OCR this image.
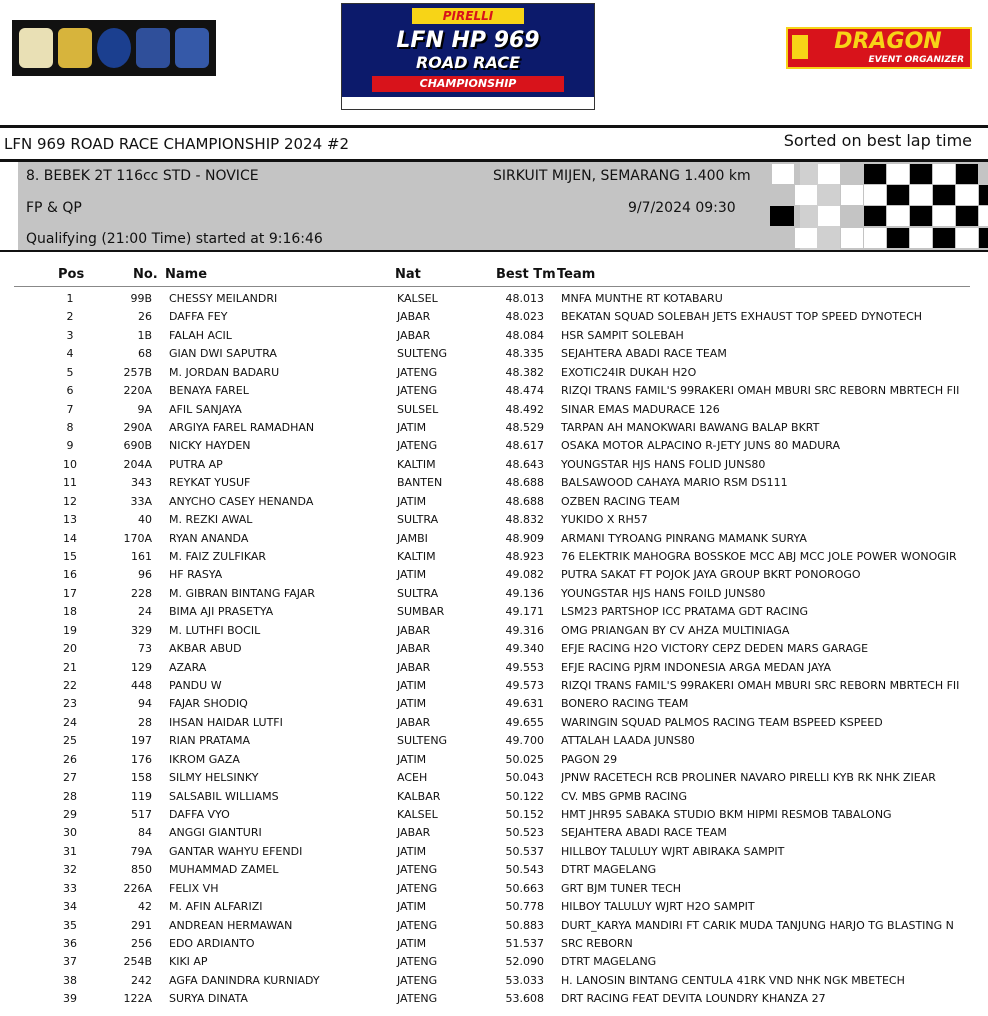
PIRELLI
LFN HP 969
ROAD RACE
CHAMPIONSHIP
DRAGON
EVENT ORGANIZER
LFN 969 ROAD RACE CHAMPIONSHIP 2024 #2	Sorted on best lap time
8. BEBEK 2T 116cc STD - NOVICE	SIRKUIT MIJEN, SEMARANG 1.400 km
FP & QP	9/7/2024 09:30
Qualifying (21:00 Time) started at 9:16:46
Pos	No. Name	Nat	Best Tm Team
1	99B CHESSY MEILANDRI	KALSEL	48.013 MNFA MUNTHE RT KOTABARU
2	26 DAFFA FEY	JABAR	48.023 BEKATAN SQUAD SOLEBAH JETS EXHAUST TOP SPEED DYNOTECH
3	1B FALAH ACIL	JABAR	48.084 HSR SAMPIT SOLEBAH
4	68 GIAN DWI SAPUTRA	SULTENG	48.335 SEJAHTERA ABADI RACE TEAM
5	257B M. JORDAN BADARU	JATENG	48.382 EXOTIC24IR DUKAH H2O
6	220A BENAYA FAREL	JATENG	48.474 RIZQI TRANS FAMIL'S 99RAKERI OMAH MBURI SRC REBORN MBRTECH FII
7	9A AFIL SANJAYA	SULSEL	48.492 SINAR EMAS MADURACE 126
8	290A ARGIYA FAREL RAMADHAN	JATIM	48.529 TARPAN AH MANOKWARI BAWANG BALAP BKRT
9	690B NICKY HAYDEN	JATENG	48.617 OSAKA MOTOR ALPACINO R-JETY JUNS 80 MADURA
10	204A PUTRA AP	KALTIM	48.643 YOUNGSTAR HJS HANS FOLID JUNS80
11	343 REYKAT YUSUF	BANTEN	48.688 BALSAWOOD CAHAYA MARIO RSM DS111
12	33A ANYCHO CASEY HENANDA	JATIM	48.688 OZBEN RACING TEAM
13	40 M. REZKI AWAL	SULTRA	48.832 YUKIDO X RH57
14	170A RYAN ANANDA	JAMBI	48.909 ARMANI TYROANG PINRANG MAMANK SURYA
15	161 M. FAIZ ZULFIKAR	KALTIM	48.923 76 ELEKTRIK MAHOGRA BOSSKOE MCC ABJ MCC JOLE POWER WONOGIR
16	96 HF RASYA	JATIM	49.082 PUTRA SAKAT FT POJOK JAYA GROUP BKRT PONOROGO
17	228 M. GIBRAN BINTANG FAJAR	SULTRA	49.136 YOUNGSTAR HJS HANS FOILD JUNS80
18	24 BIMA AJI PRASETYA	SUMBAR	49.171 LSM23 PARTSHOP ICC PRATAMA GDT RACING
19	329 M. LUTHFI BOCIL	JABAR	49.316 OMG PRIANGAN BY CV AHZA MULTINIAGA
20	73 AKBAR ABUD	JABAR	49.340 EFJE RACING H2O VICTORY CEPZ DEDEN MARS GARAGE
21	129 AZARA	JABAR	49.553 EFJE RACING PJRM INDONESIA ARGA MEDAN JAYA
22	448 PANDU W	JATIM	49.573 RIZQI TRANS FAMIL'S 99RAKERI OMAH MBURI SRC REBORN MBRTECH FII
23	94 FAJAR SHODIQ	JATIM	49.631 BONERO RACING TEAM
24	28 IHSAN HAIDAR LUTFI	JABAR	49.655 WARINGIN SQUAD PALMOS RACING TEAM BSPEED KSPEED
25	197 RIAN PRATAMA	SULTENG	49.700 ATTALAH LAADA JUNS80
26	176 IKROM GAZA	JATIM	50.025 PAGON 29
27	158 SILMY HELSINKY	ACEH	50.043 JPNW RACETECH RCB PROLINER NAVARO PIRELLI KYB RK NHK ZIEAR
28	119 SALSABIL WILLIAMS	KALBAR	50.122 CV. MBS GPMB RACING
29	517 DAFFA VYO	KALSEL	50.152 HMT JHR95 SABAKA STUDIO BKM HIPMI RESMOB TABALONG
30	84 ANGGI GIANTURI	JABAR	50.523 SEJAHTERA ABADI RACE TEAM
31	79A GANTAR WAHYU EFENDI	JATIM	50.537 HILLBOY TALULUY WJRT ABIRAKA SAMPIT
32	850 MUHAMMAD ZAMEL	JATENG	50.543 DTRT MAGELANG
33	226A FELIX VH	JATENG	50.663 GRT BJM TUNER TECH
34	42 M. AFIN ALFARIZI	JATIM	50.778 HILBOY TALULUY WJRT H2O SAMPIT
35	291 ANDREAN HERMAWAN	JATENG	50.883 DURT_KARYA MANDIRI FT CARIK MUDA TANJUNG HARJO TG BLASTING N
36	256 EDO ARDIANTO	JATIM	51.537 SRC REBORN
37	254B KIKI AP	JATENG	52.090 DTRT MAGELANG
38	242 AGFA DANINDRA KURNIADY	JATENG	53.033 H. LANOSIN BINTANG CENTULA 41RK VND NHK NGK MBETECH
39	122A SURYA DINATA	JATENG	53.608 DRT RACING FEAT DEVITA LOUNDRY KHANZA 27
